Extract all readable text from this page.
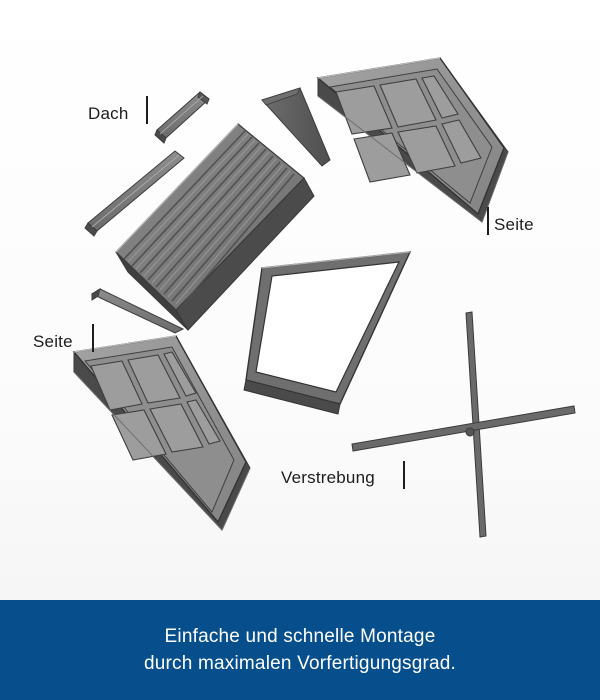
Dach
Seite
Seite
Verstrebung
Einfache und schnelle Montage
durch maximalen Vorfertigungsgrad.
